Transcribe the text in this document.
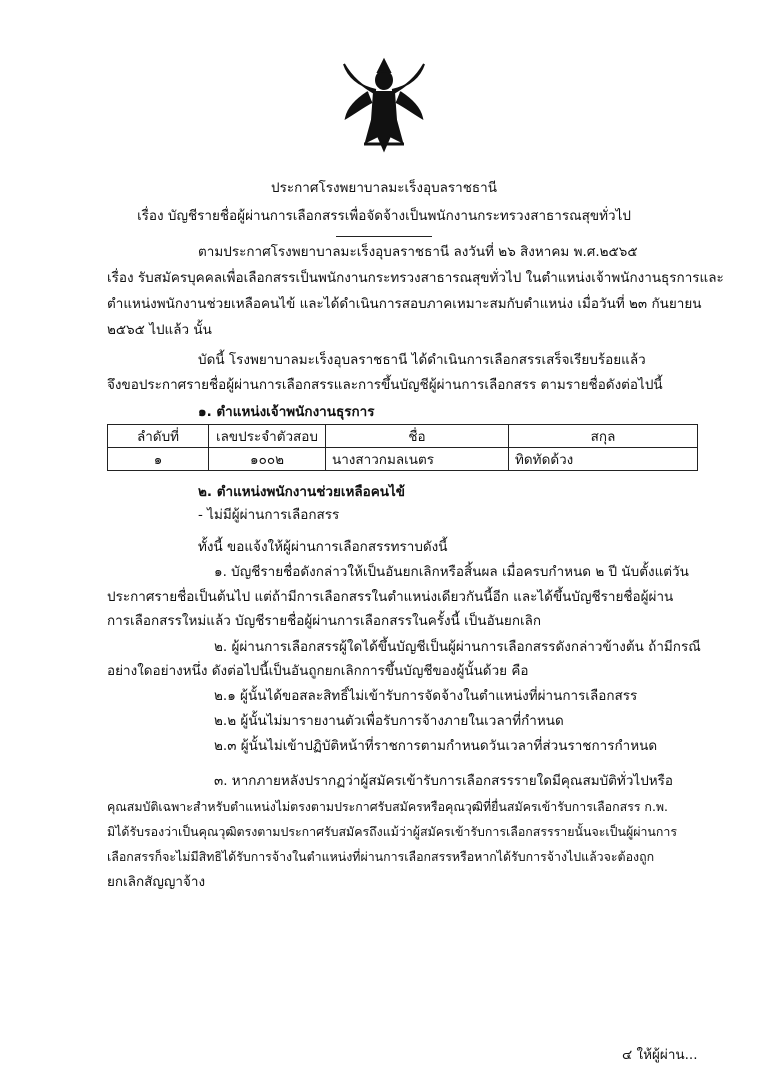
ประกาศโรงพยาบาลมะเร็งอุบลราชธานี
เรื่อง บัญชีรายชื่อผู้ผ่านการเลือกสรรเพื่อจัดจ้างเป็นพนักงานกระทรวงสาธารณสุขทั่วไป
ตามประกาศโรงพยาบาลมะเร็งอุบลราชธานี ลงวันที่ ๒๖ สิงหาคม พ.ศ.๒๕๖๕
เรื่อง รับสมัครบุคคลเพื่อเลือกสรรเป็นพนักงานกระทรวงสาธารณสุขทั่วไป ในตำแหน่งเจ้าพนักงานธุรการและ
ตำแหน่งพนักงานช่วยเหลือคนไข้ และได้ดำเนินการสอบภาคเหมาะสมกับตำแหน่ง เมื่อวันที่ ๒๓ กันยายน
๒๕๖๕ ไปแล้ว นั้น
บัดนี้ โรงพยาบาลมะเร็งอุบลราชธานี ได้ดำเนินการเลือกสรรเสร็จเรียบร้อยแล้ว
จึงขอประกาศรายชื่อผู้ผ่านการเลือกสรรและการขึ้นบัญชีผู้ผ่านการเลือกสรร ตามรายชื่อดังต่อไปนี้
๑. ตำแหน่งเจ้าพนักงานธุรการ
ลำดับที่	เลขประจำตัวสอบ	ชื่อ	สกุล
๑	๑๐๐๒	นางสาวกมลเนตร	ทิดทัดด้วง
๒. ตำแหน่งพนักงานช่วยเหลือคนไข้
- ไม่มีผู้ผ่านการเลือกสรร
ทั้งนี้ ขอแจ้งให้ผู้ผ่านการเลือกสรรทราบดังนี้
๑. บัญชีรายชื่อดังกล่าวให้เป็นอันยกเลิกหรือสิ้นผล เมื่อครบกำหนด ๒ ปี นับตั้งแต่วัน
ประกาศรายชื่อเป็นต้นไป แต่ถ้ามีการเลือกสรรในตำแหน่งเดียวกันนี้อีก และได้ขึ้นบัญชีรายชื่อผู้ผ่าน
การเลือกสรรใหม่แล้ว บัญชีรายชื่อผู้ผ่านการเลือกสรรในครั้งนี้ เป็นอันยกเลิก
๒. ผู้ผ่านการเลือกสรรผู้ใดได้ขึ้นบัญชีเป็นผู้ผ่านการเลือกสรรดังกล่าวข้างต้น ถ้ามีกรณี
อย่างใดอย่างหนึ่ง ดังต่อไปนี้เป็นอันถูกยกเลิกการขึ้นบัญชีของผู้นั้นด้วย คือ
๒.๑ ผู้นั้นได้ขอสละสิทธิ์ไม่เข้ารับการจัดจ้างในตำแหน่งที่ผ่านการเลือกสรร
๒.๒ ผู้นั้นไม่มารายงานตัวเพื่อรับการจ้างภายในเวลาที่กำหนด
๒.๓ ผู้นั้นไม่เข้าปฏิบัติหน้าที่ราชการตามกำหนดวันเวลาที่ส่วนราชการกำหนด
๓. หากภายหลังปรากฏว่าผู้สมัครเข้ารับการเลือกสรรรายใดมีคุณสมบัติทั่วไปหรือ
คุณสมบัติเฉพาะสำหรับตำแหน่งไม่ตรงตามประกาศรับสมัครหรือคุณวุฒิที่ยื่นสมัครเข้ารับการเลือกสรร ก.พ.
มิได้รับรองว่าเป็นคุณวุฒิตรงตามประกาศรับสมัครถึงแม้ว่าผู้สมัครเข้ารับการเลือกสรรรายนั้นจะเป็นผู้ผ่านการ
เลือกสรรก็จะไม่มีสิทธิได้รับการจ้างในตำแหน่งที่ผ่านการเลือกสรรหรือหากได้รับการจ้างไปแล้วจะต้องถูก
ยกเลิกสัญญาจ้าง
๔ ให้ผู้ผ่าน...
